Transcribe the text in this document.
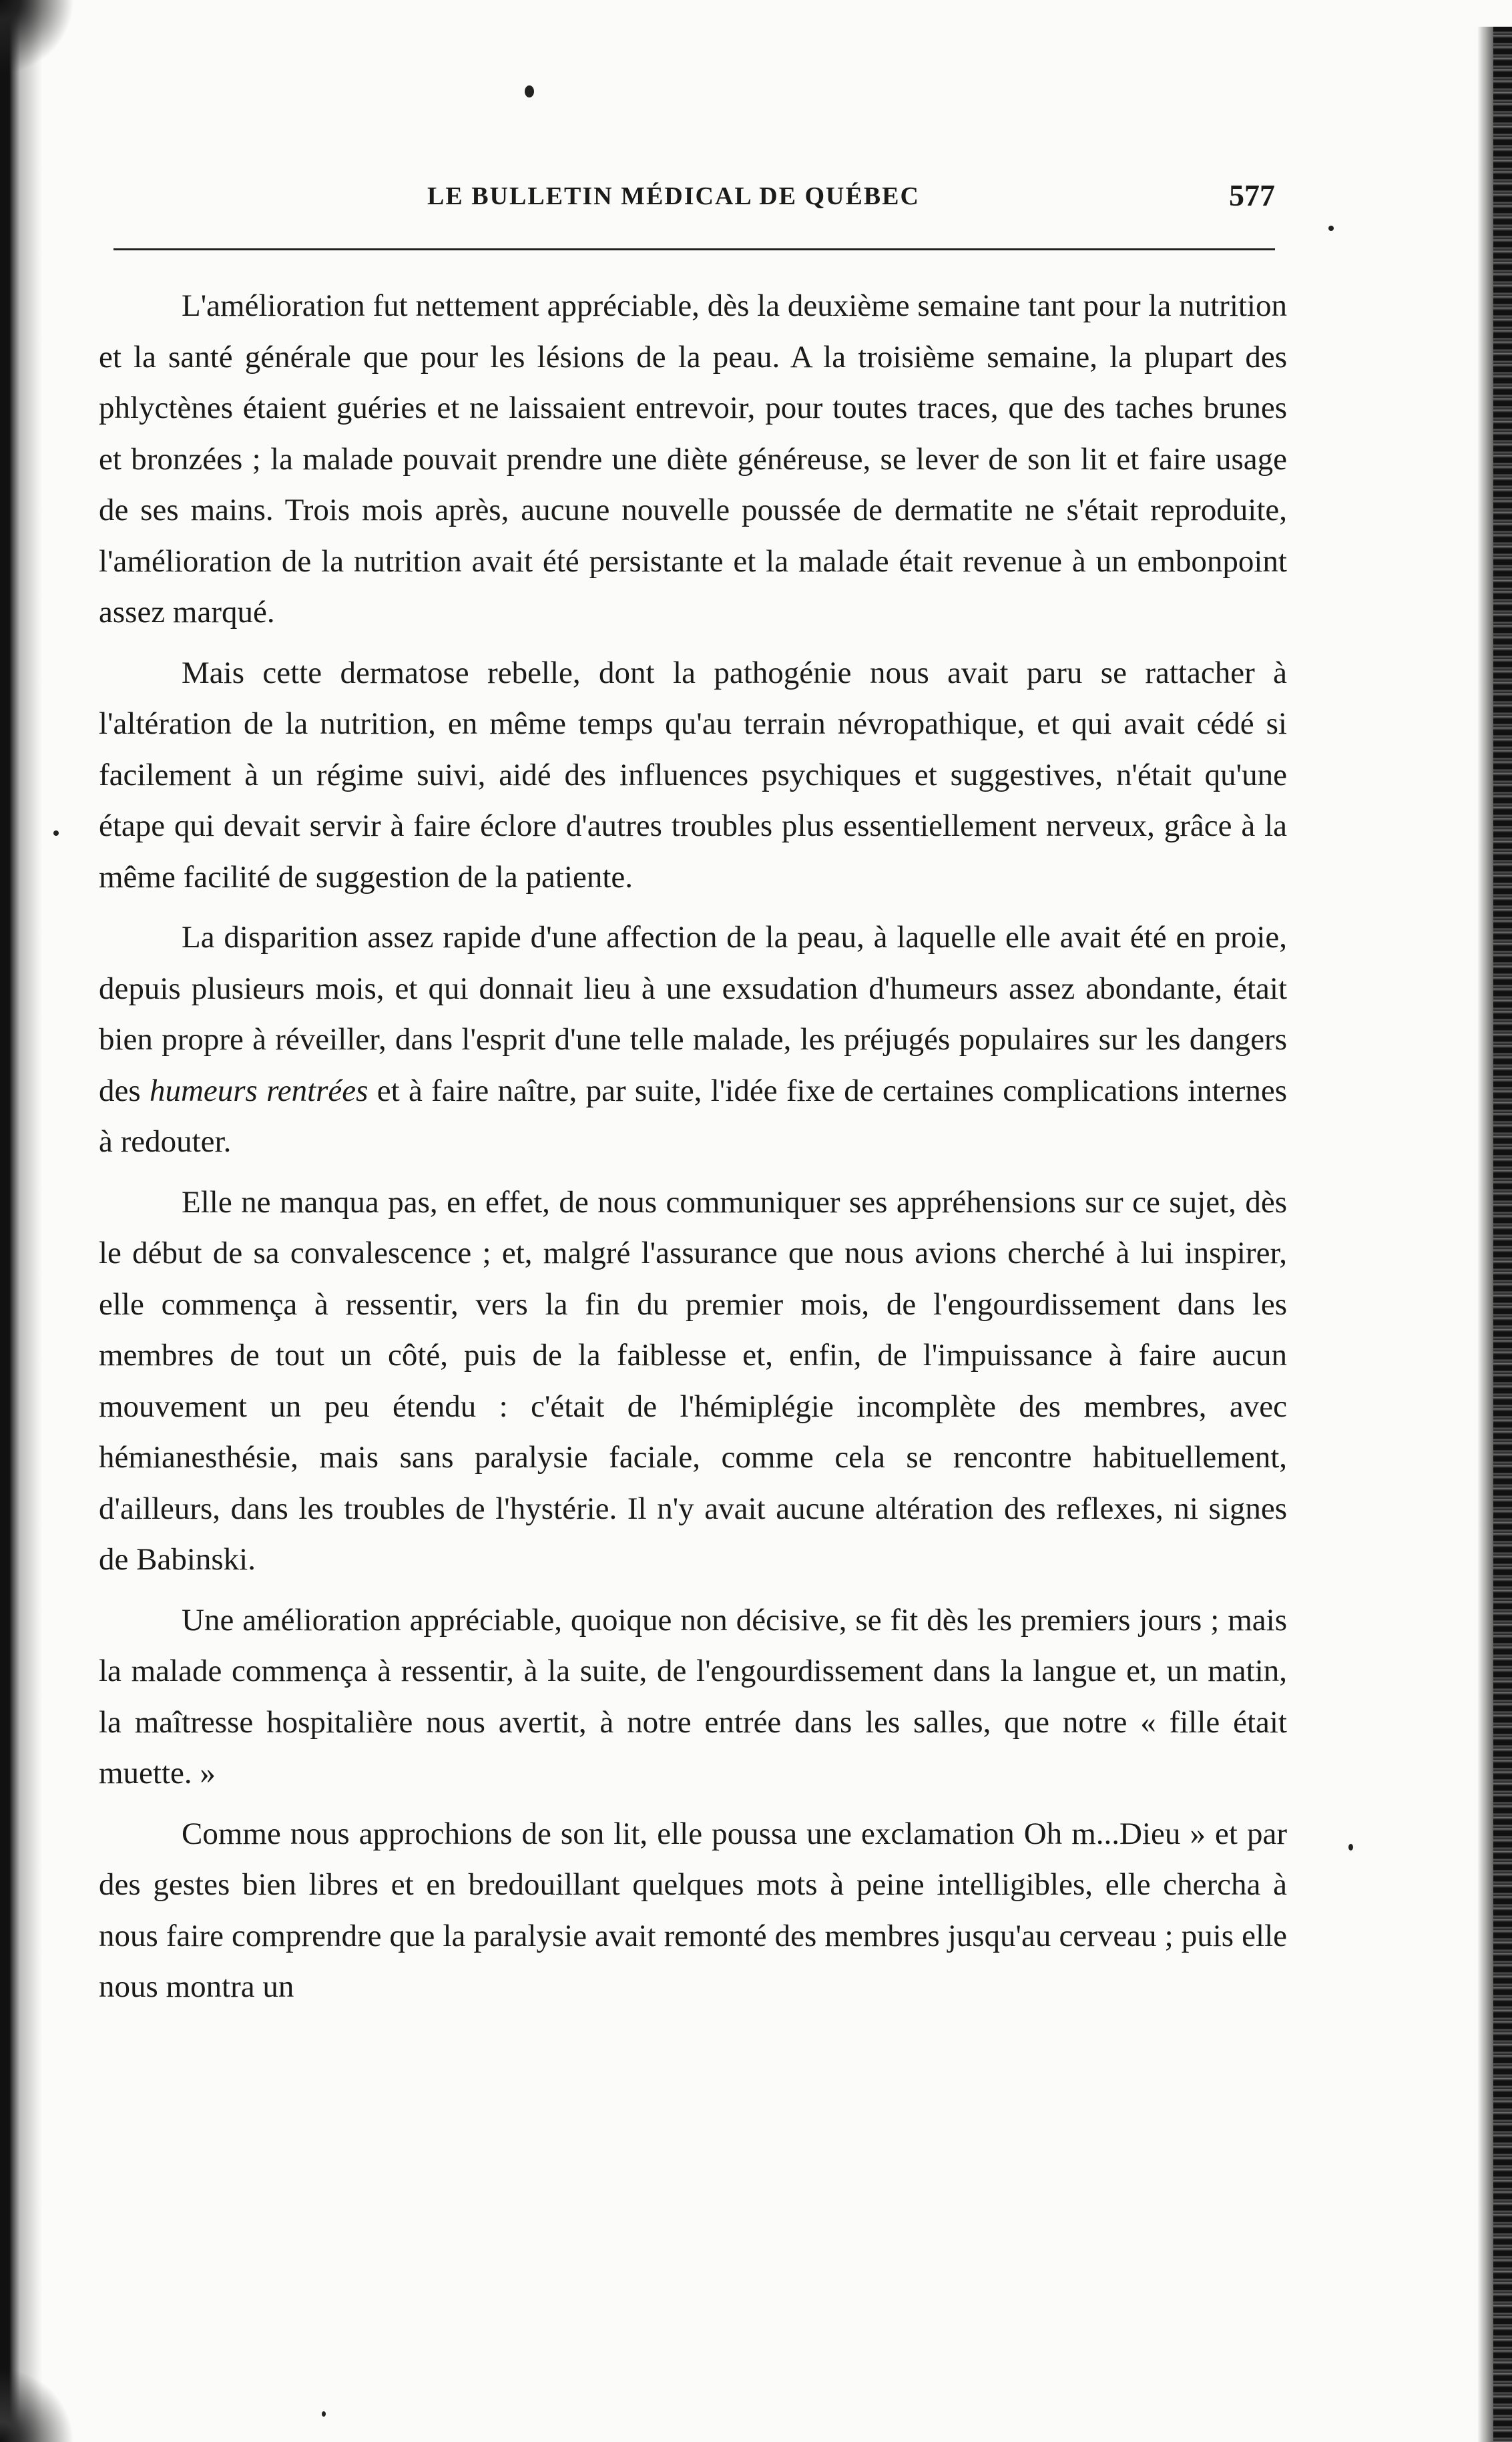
LE BULLETIN MÉDICAL DE QUÉBEC	577

L'amélioration fut nettement appréciable, dès la deuxième semaine tant pour la nutrition et la santé générale que pour les lésions de la peau. A la troisième semaine, la plupart des phlyctènes étaient guéries et ne laissaient entrevoir, pour toutes traces, que des taches brunes et bronzées ; la malade pouvait prendre une diète généreuse, se lever de son lit et faire usage de ses mains. Trois mois après, aucune nouvelle poussée de dermatite ne s'était reproduite, l'amélioration de la nutrition avait été persistante et la malade était revenue à un embonpoint assez marqué.

Mais cette dermatose rebelle, dont la pathogénie nous avait paru se rattacher à l'altération de la nutrition, en même temps qu'au terrain névropathique, et qui avait cédé si facilement à un régime suivi, aidé des influences psychiques et suggestives, n'était qu'une étape qui devait servir à faire éclore d'autres troubles plus essentiellement nerveux, grâce à la même facilité de suggestion de la patiente.

La disparition assez rapide d'une affection de la peau, à laquelle elle avait été en proie, depuis plusieurs mois, et qui donnait lieu à une exsudation d'humeurs assez abondante, était bien propre à réveiller, dans l'esprit d'une telle malade, les préjugés populaires sur les dangers des humeurs rentrées et à faire naître, par suite, l'idée fixe de certaines complications internes à redouter.

Elle ne manqua pas, en effet, de nous communiquer ses appréhensions sur ce sujet, dès le début de sa convalescence ; et, malgré l'assurance que nous avions cherché à lui inspirer, elle commença à ressentir, vers la fin du premier mois, de l'engourdissement dans les membres de tout un côté, puis de la faiblesse et, enfin, de l'impuissance à faire aucun mouvement un peu étendu : c'était de l'hémiplégie incomplète des membres, avec hémianesthésie, mais sans paralysie faciale, comme cela se rencontre habituellement, d'ailleurs, dans les troubles de l'hystérie. Il n'y avait aucune altération des reflexes, ni signes de Babinski.

Une amélioration appréciable, quoique non décisive, se fit dès les premiers jours ; mais la malade commença à ressentir, à la suite, de l'engourdissement dans la langue et, un matin, la maîtresse hospitalière nous avertit, à notre entrée dans les salles, que notre « fille était muette. »

Comme nous approchions de son lit, elle poussa une exclamation Oh m...Dieu » et par des gestes bien libres et en bredouillant quelques mots à peine intelligibles, elle chercha à nous faire comprendre que la paralysie avait remonté des membres jusqu'au cerveau ; puis elle nous montra un
